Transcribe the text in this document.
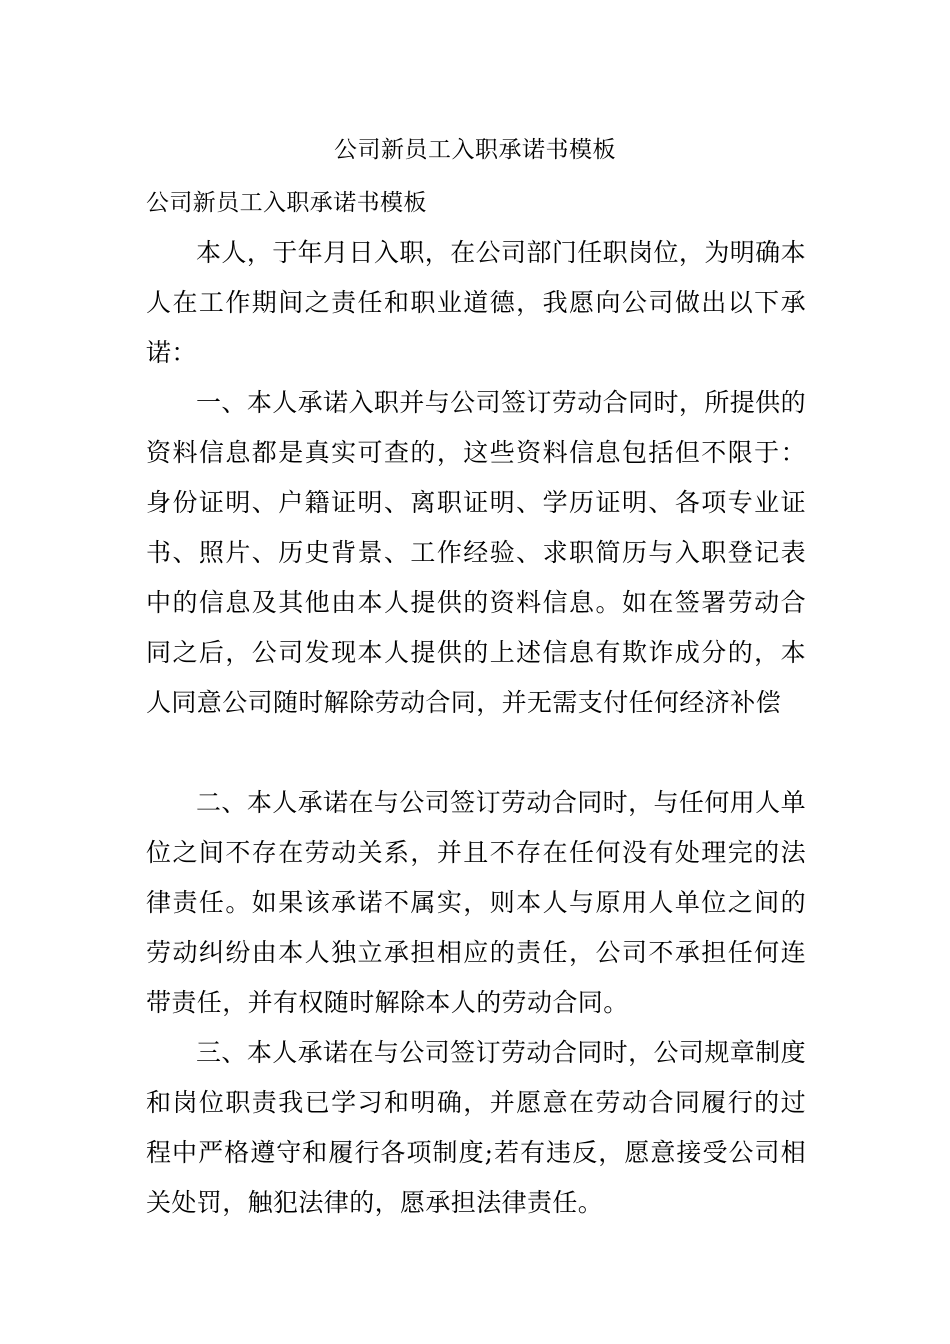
公司新员工入职承诺书模板

公司新员工入职承诺书模板

本人，于年月日入职，在公司部门任职岗位，为明确本人在工作期间之责任和职业道德，我愿向公司做出以下承诺：

一、本人承诺入职并与公司签订劳动合同时，所提供的资料信息都是真实可查的，这些资料信息包括但不限于：身份证明、户籍证明、离职证明、学历证明、各项专业证书、照片、历史背景、工作经验、求职简历与入职登记表中的信息及其他由本人提供的资料信息。如在签署劳动合同之后，公司发现本人提供的上述信息有欺诈成分的，本人同意公司随时解除劳动合同，并无需支付任何经济补偿

二、本人承诺在与公司签订劳动合同时，与任何用人单位之间不存在劳动关系，并且不存在任何没有处理完的法律责任。如果该承诺不属实，则本人与原用人单位之间的劳动纠纷由本人独立承担相应的责任，公司不承担任何连带责任，并有权随时解除本人的劳动合同。

三、本人承诺在与公司签订劳动合同时，公司规章制度和岗位职责我已学习和明确，并愿意在劳动合同履行的过程中严格遵守和履行各项制度;若有违反，愿意接受公司相关处罚，触犯法律的，愿承担法律责任。
